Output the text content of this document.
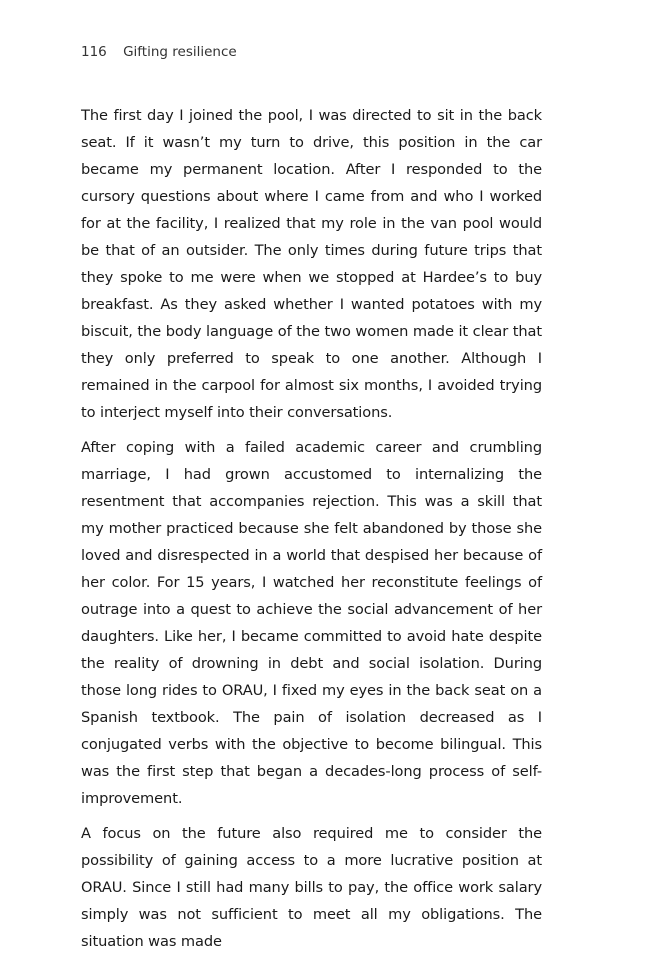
116 Gifting resilience

The first day I joined the pool, I was directed to sit in the back seat. If it wasn’t my turn to drive, this position in the car became my permanent location. After I responded to the cursory questions about where I came from and who I worked for at the facility, I realized that my role in the van pool would be that of an outsider. The only times during future trips that they spoke to me were when we stopped at Hardee’s to buy breakfast. As they asked whether I wanted potatoes with my biscuit, the body language of the two women made it clear that they only preferred to speak to one another. Although I remained in the carpool for almost six months, I avoided trying to interject myself into their conversations.

After coping with a failed academic career and crumbling marriage, I had grown accustomed to internalizing the resentment that accompanies rejection. This was a skill that my mother practiced because she felt abandoned by those she loved and disrespected in a world that despised her because of her color. For 15 years, I watched her reconstitute feelings of outrage into a quest to achieve the social advancement of her daughters. Like her, I became committed to avoid hate despite the reality of drowning in debt and social isolation. During those long rides to ORAU, I fixed my eyes in the back seat on a Spanish textbook. The pain of isolation decreased as I conjugated verbs with the objective to become bilingual. This was the first step that began a decades-long process of self-improvement.

A focus on the future also required me to consider the possibility of gaining access to a more lucrative position at ORAU. Since I still had many bills to pay, the office work salary simply was not sufficient to meet all my obligations. The situation was made
